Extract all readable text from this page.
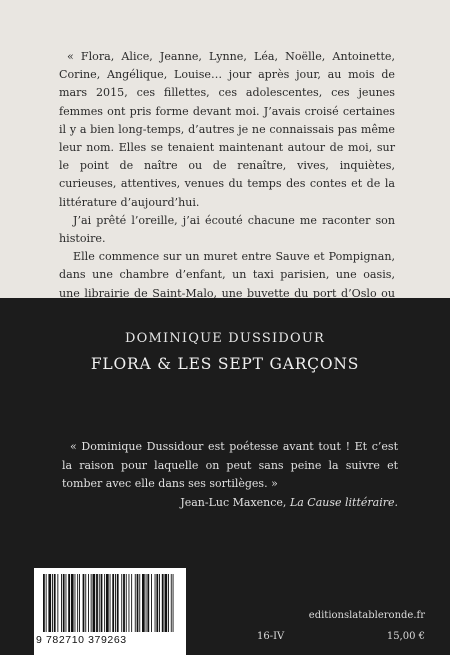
« Flora, Alice, Jeanne, Lynne, Léa, Noëlle, Antoinette, Corine, Angélique, Louise… jour après jour, au mois de mars 2015, ces fillettes, ces adolescentes, ces jeunes femmes ont pris forme devant moi. J’avais croisé certaines il y a bien long-temps, d’autres je ne connaissais pas même leur nom. Elles se tenaient maintenant autour de moi, sur le point de naître ou de renaître, vives, inquiètes, curieuses, attentives, venues du temps des contes et de la littérature d’aujourd’hui.

J’ai prêté l’oreille, j’ai écouté chacune me raconter son histoire.

Elle commence sur un muret entre Sauve et Pompignan, dans une chambre d’enfant, un taxi parisien, une oasis, une librairie de Saint-Malo, une buvette du port d’Oslo ou

DOMINIQUE DUSSIDOUR
FLORA & LES SEPT GARÇONS
« Dominique Dussidour est poétesse avant tout ! Et c’est la raison pour laquelle on peut sans peine la suivre et tomber avec elle dans ses sortilèges. »
Jean-Luc Maxence, La Cause littéraire.
9 782710 379263
editionslatableronde.fr
16-IV	15,00 €
